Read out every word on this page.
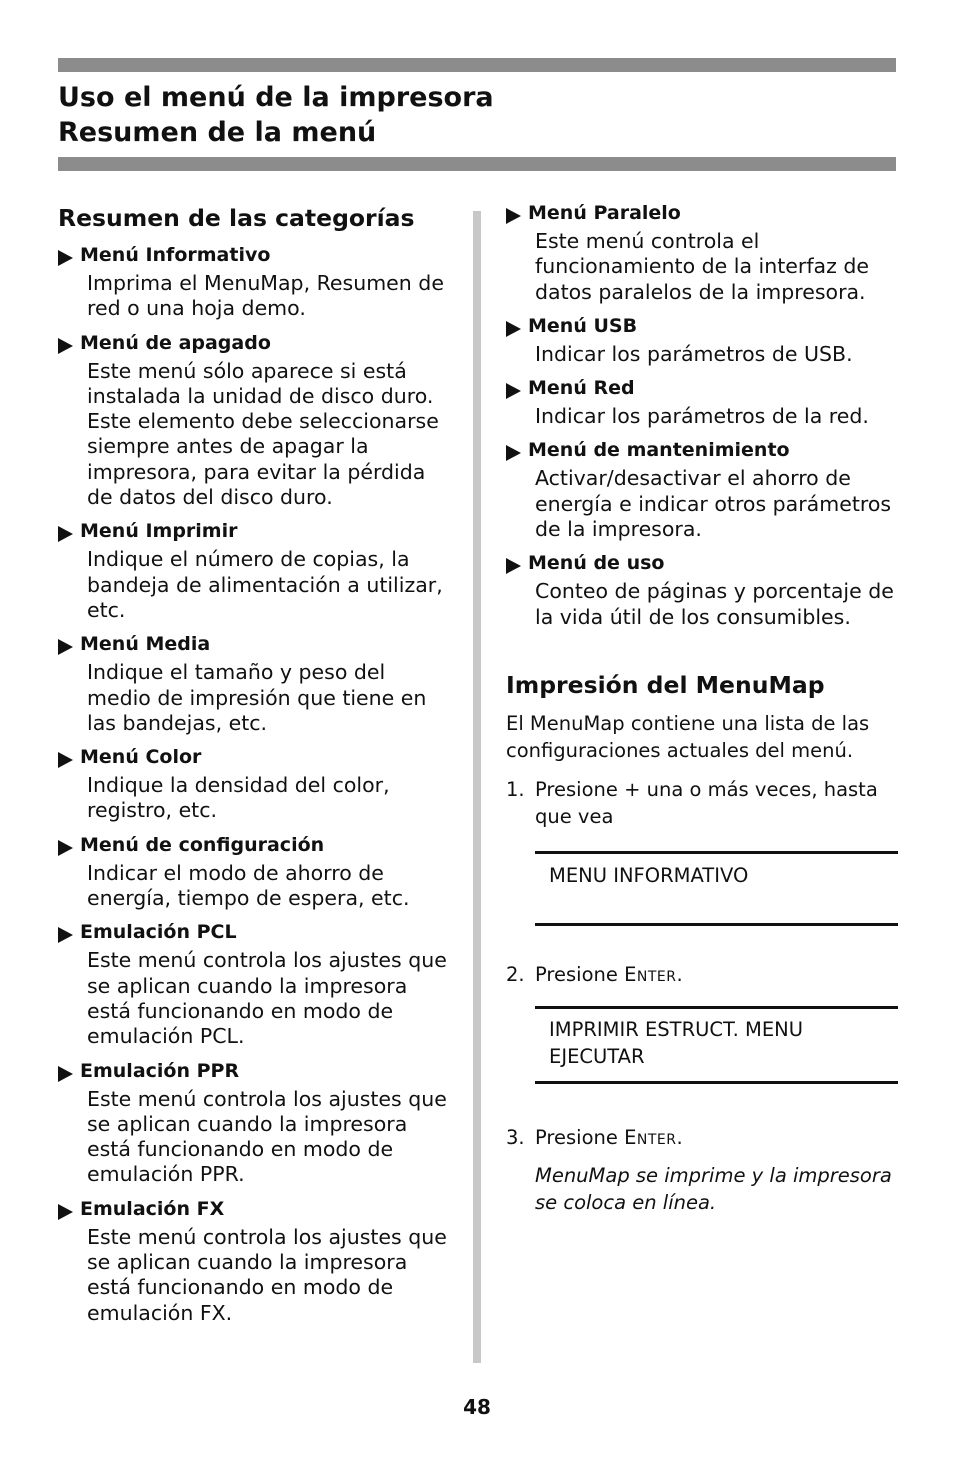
Uso el menú de la impresora
Resumen de la menú
Resumen de las categorías
Menú Informativo
Imprima el MenuMap, Resumen de red o una hoja demo.
Menú de apagado
Este menú sólo aparece si está instalada la unidad de disco duro. Este elemento debe seleccionarse siempre antes de apagar la impresora, para evitar la pérdida de datos del disco duro.
Menú Imprimir
Indique el número de copias, la bandeja de alimentación a utilizar, etc.
Menú Media
Indique el tamaño y peso del medio de impresión que tiene en las bandejas, etc.
Menú Color
Indique la densidad del color, registro, etc.
Menú de configuración
Indicar el modo de ahorro de energía, tiempo de espera, etc.
Emulación PCL
Este menú controla los ajustes que se aplican cuando la impresora está funcionando en modo de emulación PCL.
Emulación PPR
Este menú controla los ajustes que se aplican cuando la impresora está funcionando en modo de emulación PPR.
Emulación FX
Este menú controla los ajustes que se aplican cuando la impresora está funcionando en modo de emulación FX.
Menú Paralelo
Este menú controla el funcionamiento de la interfaz de datos paralelos de la impresora.
Menú USB
Indicar los parámetros de USB.
Menú Red
Indicar los parámetros de la red.
Menú de mantenimiento
Activar/desactivar el ahorro de energía e indicar otros parámetros de la impresora.
Menú de uso
Conteo de páginas y porcentaje de la vida útil de los consumibles.
Impresión del MenuMap

El MenuMap contiene una lista de las configuraciones actuales del menú.

1. Presione + una o más veces, hasta que vea
MENU INFORMATIVO
2. Presione Enter.
IMPRIMIR ESTRUCT. MENU
EJECUTAR
3. Presione Enter.
MenuMap se imprime y la impresora se coloca en línea.
48
